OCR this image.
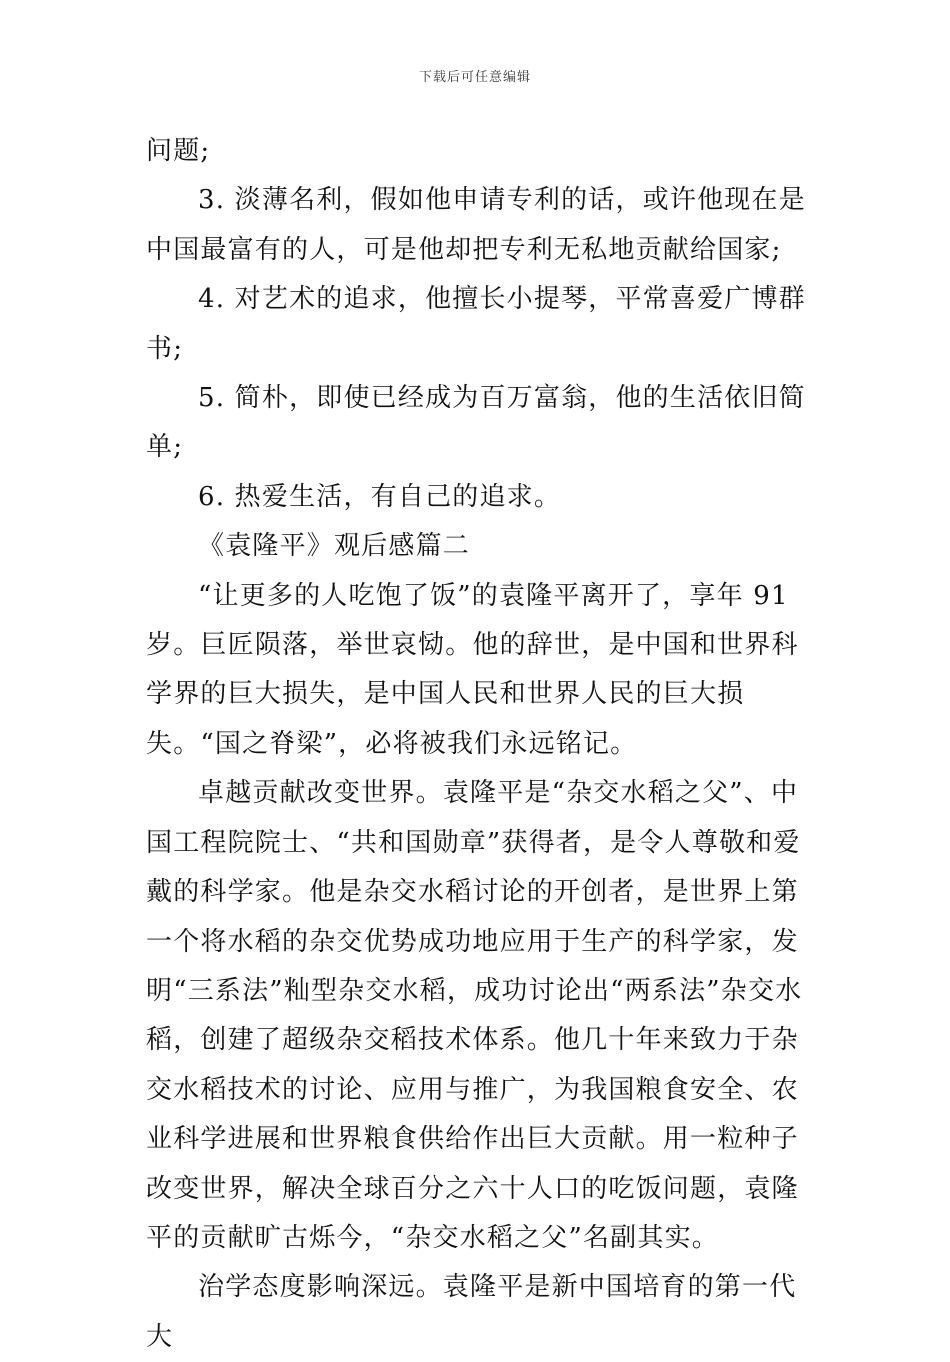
下载后可任意编辑

问题;

3. 淡薄名利，假如他申请专利的话，或许他现在是中国最富有的人，可是他却把专利无私地贡献给国家;

4. 对艺术的追求，他擅长小提琴，平常喜爱广博群书;

5. 简朴，即使已经成为百万富翁，他的生活依旧简单;

6. 热爱生活，有自己的追求。

《袁隆平》观后感篇二

“让更多的人吃饱了饭”的袁隆平离开了，享年 91 岁。巨匠陨落，举世哀恸。他的辞世，是中国和世界科学界的巨大损失，是中国人民和世界人民的巨大损失。“国之脊梁”，必将被我们永远铭记。

卓越贡献改变世界。袁隆平是“杂交水稻之父”、中国工程院院士、“共和国勋章”获得者，是令人尊敬和爱戴的科学家。他是杂交水稻讨论的开创者，是世界上第一个将水稻的杂交优势成功地应用于生产的科学家，发明“三系法”籼型杂交水稻，成功讨论出“两系法”杂交水稻，创建了超级杂交稻技术体系。他几十年来致力于杂交水稻技术的讨论、应用与推广，为我国粮食安全、农业科学进展和世界粮食供给作出巨大贡献。用一粒种子改变世界，解决全球百分之六十人口的吃饭问题，袁隆平的贡献旷古烁今，“杂交水稻之父”名副其实。

治学态度影响深远。袁隆平是新中国培育的第一代大
